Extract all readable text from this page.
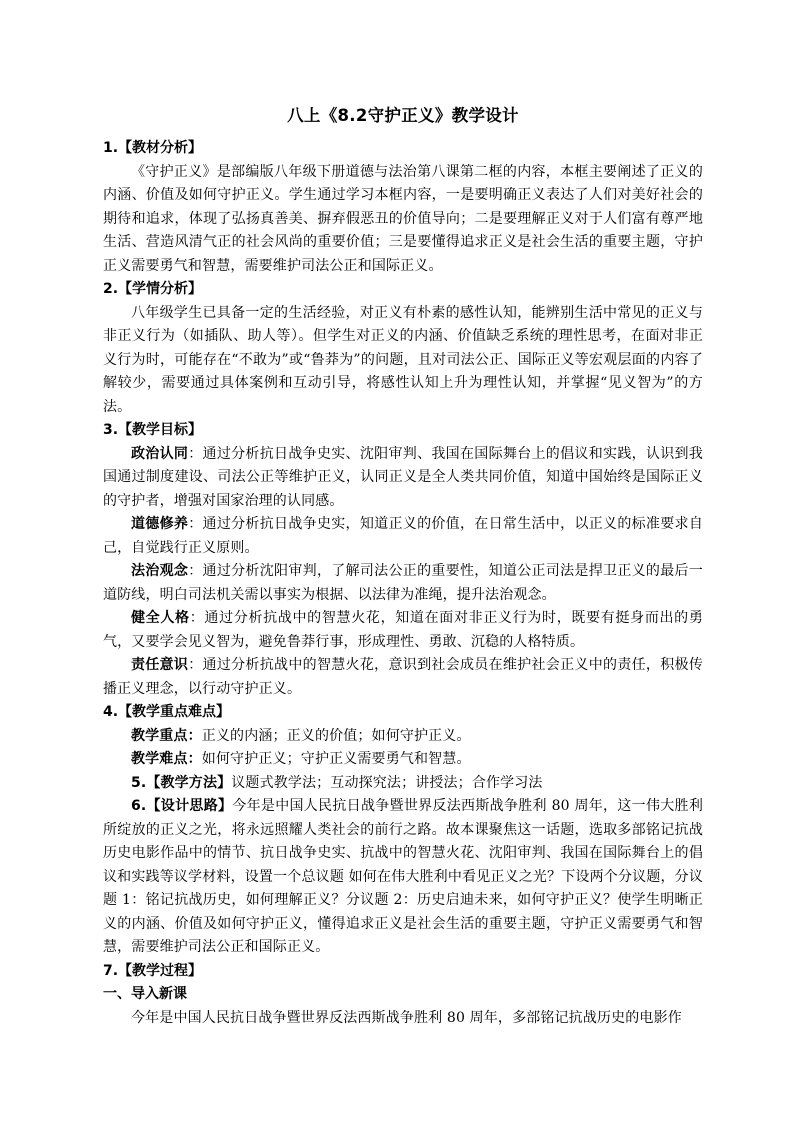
八上《8.2守护正义》教学设计
1.【教材分析】

《守护正义》是部编版八年级下册道德与法治第八课第二框的内容，本框主要阐述了正义的内涵、价值及如何守护正义。学生通过学习本框内容，一是要明确正义表达了人们对美好社会的期待和追求，体现了弘扬真善美、摒弃假恶丑的价值导向；二是要理解正义对于人们富有尊严地生活、营造风清气正的社会风尚的重要价值；三是要懂得追求正义是社会生活的重要主题，守护正义需要勇气和智慧，需要维护司法公正和国际正义。

2.【学情分析】

八年级学生已具备一定的生活经验，对正义有朴素的感性认知，能辨别生活中常见的正义与非正义行为（如插队、助人等）。但学生对正义的内涵、价值缺乏系统的理性思考，在面对非正义行为时，可能存在“不敢为”或“鲁莽为”的问题，且对司法公正、国际正义等宏观层面的内容了解较少，需要通过具体案例和互动引导，将感性认知上升为理性认知，并掌握“见义智为”的方法。

3.【教学目标】

政治认同：通过分析抗日战争史实、沈阳审判、我国在国际舞台上的倡议和实践，认识到我国通过制度建设、司法公正等维护正义，认同正义是全人类共同价值，知道中国始终是国际正义的守护者，增强对国家治理的认同感。

道德修养：通过分析抗日战争史实，知道正义的价值，在日常生活中，以正义的标准要求自己，自觉践行正义原则。

法治观念：通过分析沈阳审判，了解司法公正的重要性，知道公正司法是捍卫正义的最后一道防线，明白司法机关需以事实为根据、以法律为准绳，提升法治观念。

健全人格：通过分析抗战中的智慧火花，知道在面对非正义行为时，既要有挺身而出的勇气，又要学会见义智为，避免鲁莽行事，形成理性、勇敢、沉稳的人格特质。

责任意识：通过分析抗战中的智慧火花，意识到社会成员在维护社会正义中的责任，积极传播正义理念，以行动守护正义。

4.【教学重点难点】

教学重点：正义的内涵；正义的价值；如何守护正义。

教学难点：如何守护正义；守护正义需要勇气和智慧。

5.【教学方法】议题式教学法；互动探究法；讲授法；合作学习法

6.【设计思路】今年是中国人民抗日战争暨世界反法西斯战争胜利 80 周年，这一伟大胜利所绽放的正义之光，将永远照耀人类社会的前行之路。故本课聚焦这一话题，选取多部铭记抗战历史电影作品中的情节、抗日战争史实、抗战中的智慧火花、沈阳审判、我国在国际舞台上的倡议和实践等议学材料，设置一个总议题 如何在伟大胜利中看见正义之光？下设两个分议题，分议题 1：铭记抗战历史，如何理解正义？分议题 2：历史启迪未来，如何守护正义？使学生明晰正义的内涵、价值及如何守护正义，懂得追求正义是社会生活的重要主题，守护正义需要勇气和智慧，需要维护司法公正和国际正义。

7.【教学过程】
一、导入新课

今年是中国人民抗日战争暨世界反法西斯战争胜利 80 周年，多部铭记抗战历史的电影作
